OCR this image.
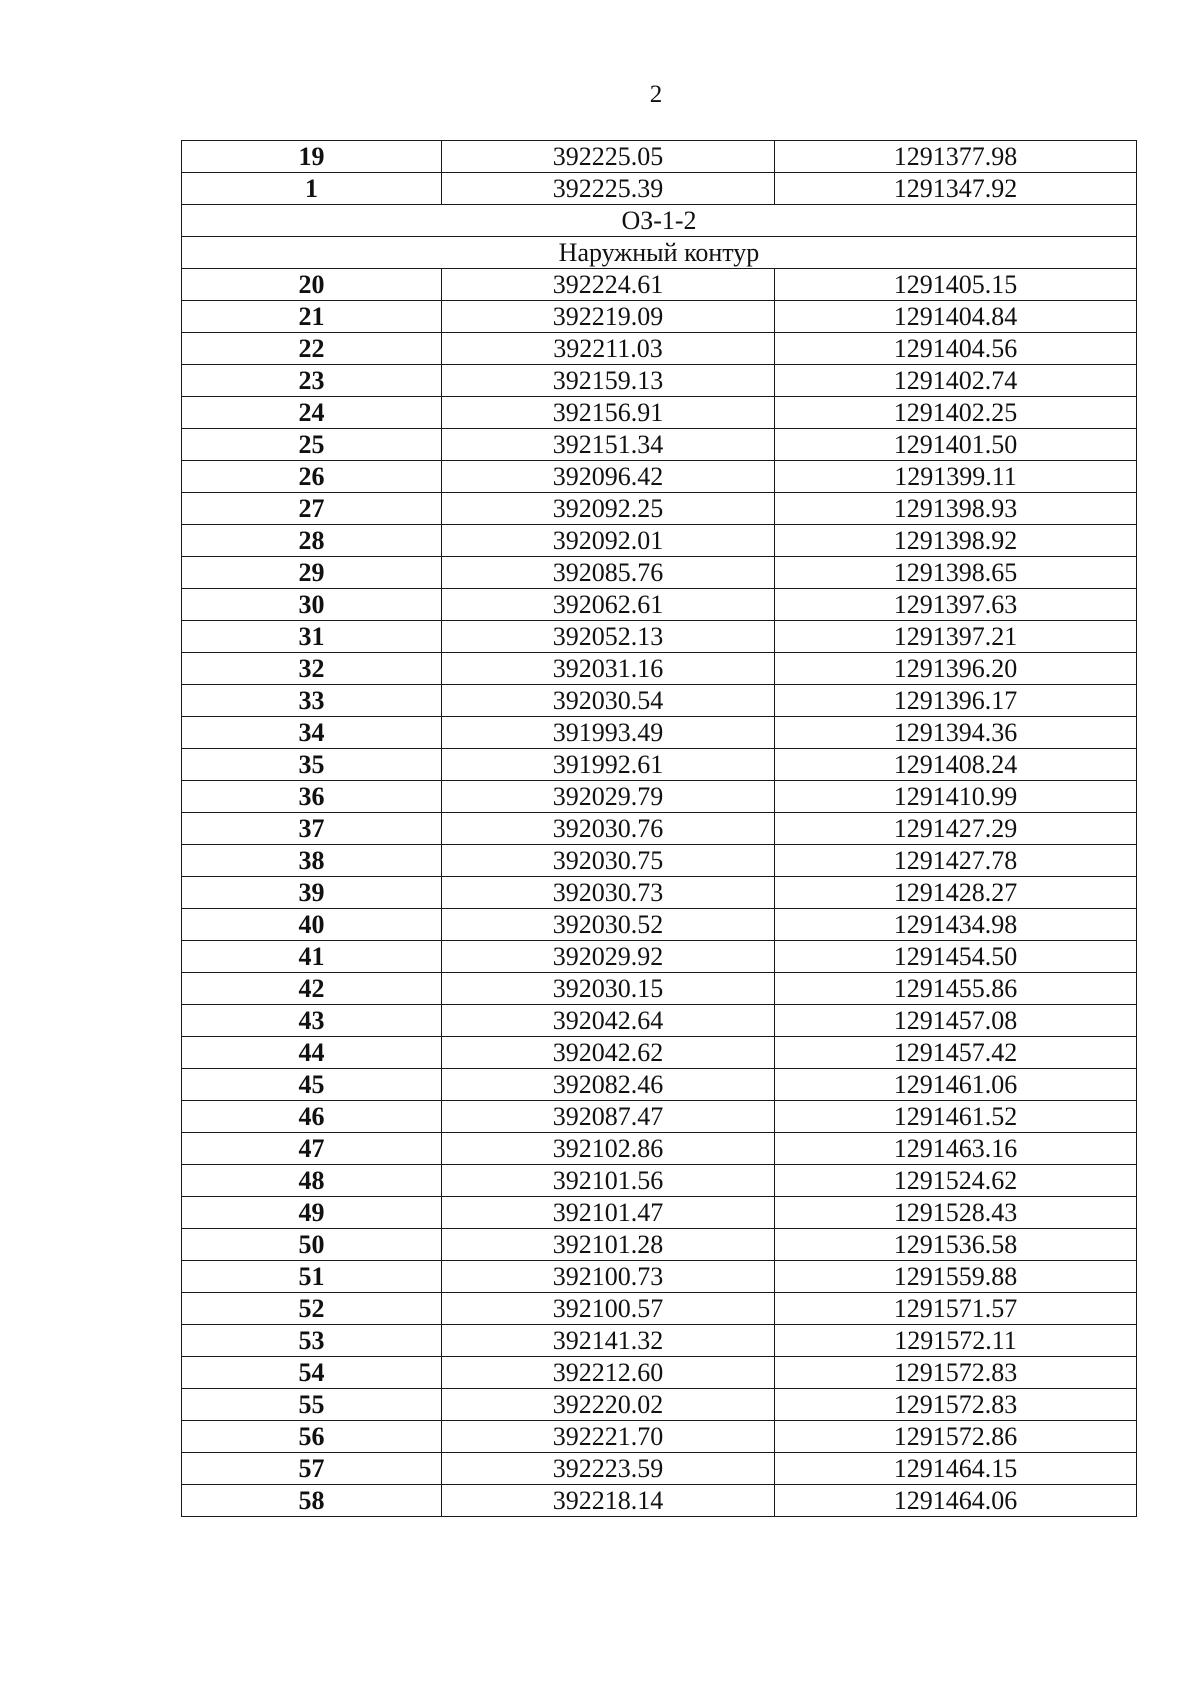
2
19	392225.05	1291377.98
1	392225.39	1291347.92
ОЗ-1-2		
Наружный контур		
20	392224.61	1291405.15
21	392219.09	1291404.84
22	392211.03	1291404.56
23	392159.13	1291402.74
24	392156.91	1291402.25
25	392151.34	1291401.50
26	392096.42	1291399.11
27	392092.25	1291398.93
28	392092.01	1291398.92
29	392085.76	1291398.65
30	392062.61	1291397.63
31	392052.13	1291397.21
32	392031.16	1291396.20
33	392030.54	1291396.17
34	391993.49	1291394.36
35	391992.61	1291408.24
36	392029.79	1291410.99
37	392030.76	1291427.29
38	392030.75	1291427.78
39	392030.73	1291428.27
40	392030.52	1291434.98
41	392029.92	1291454.50
42	392030.15	1291455.86
43	392042.64	1291457.08
44	392042.62	1291457.42
45	392082.46	1291461.06
46	392087.47	1291461.52
47	392102.86	1291463.16
48	392101.56	1291524.62
49	392101.47	1291528.43
50	392101.28	1291536.58
51	392100.73	1291559.88
52	392100.57	1291571.57
53	392141.32	1291572.11
54	392212.60	1291572.83
55	392220.02	1291572.83
56	392221.70	1291572.86
57	392223.59	1291464.15
58	392218.14	1291464.06
